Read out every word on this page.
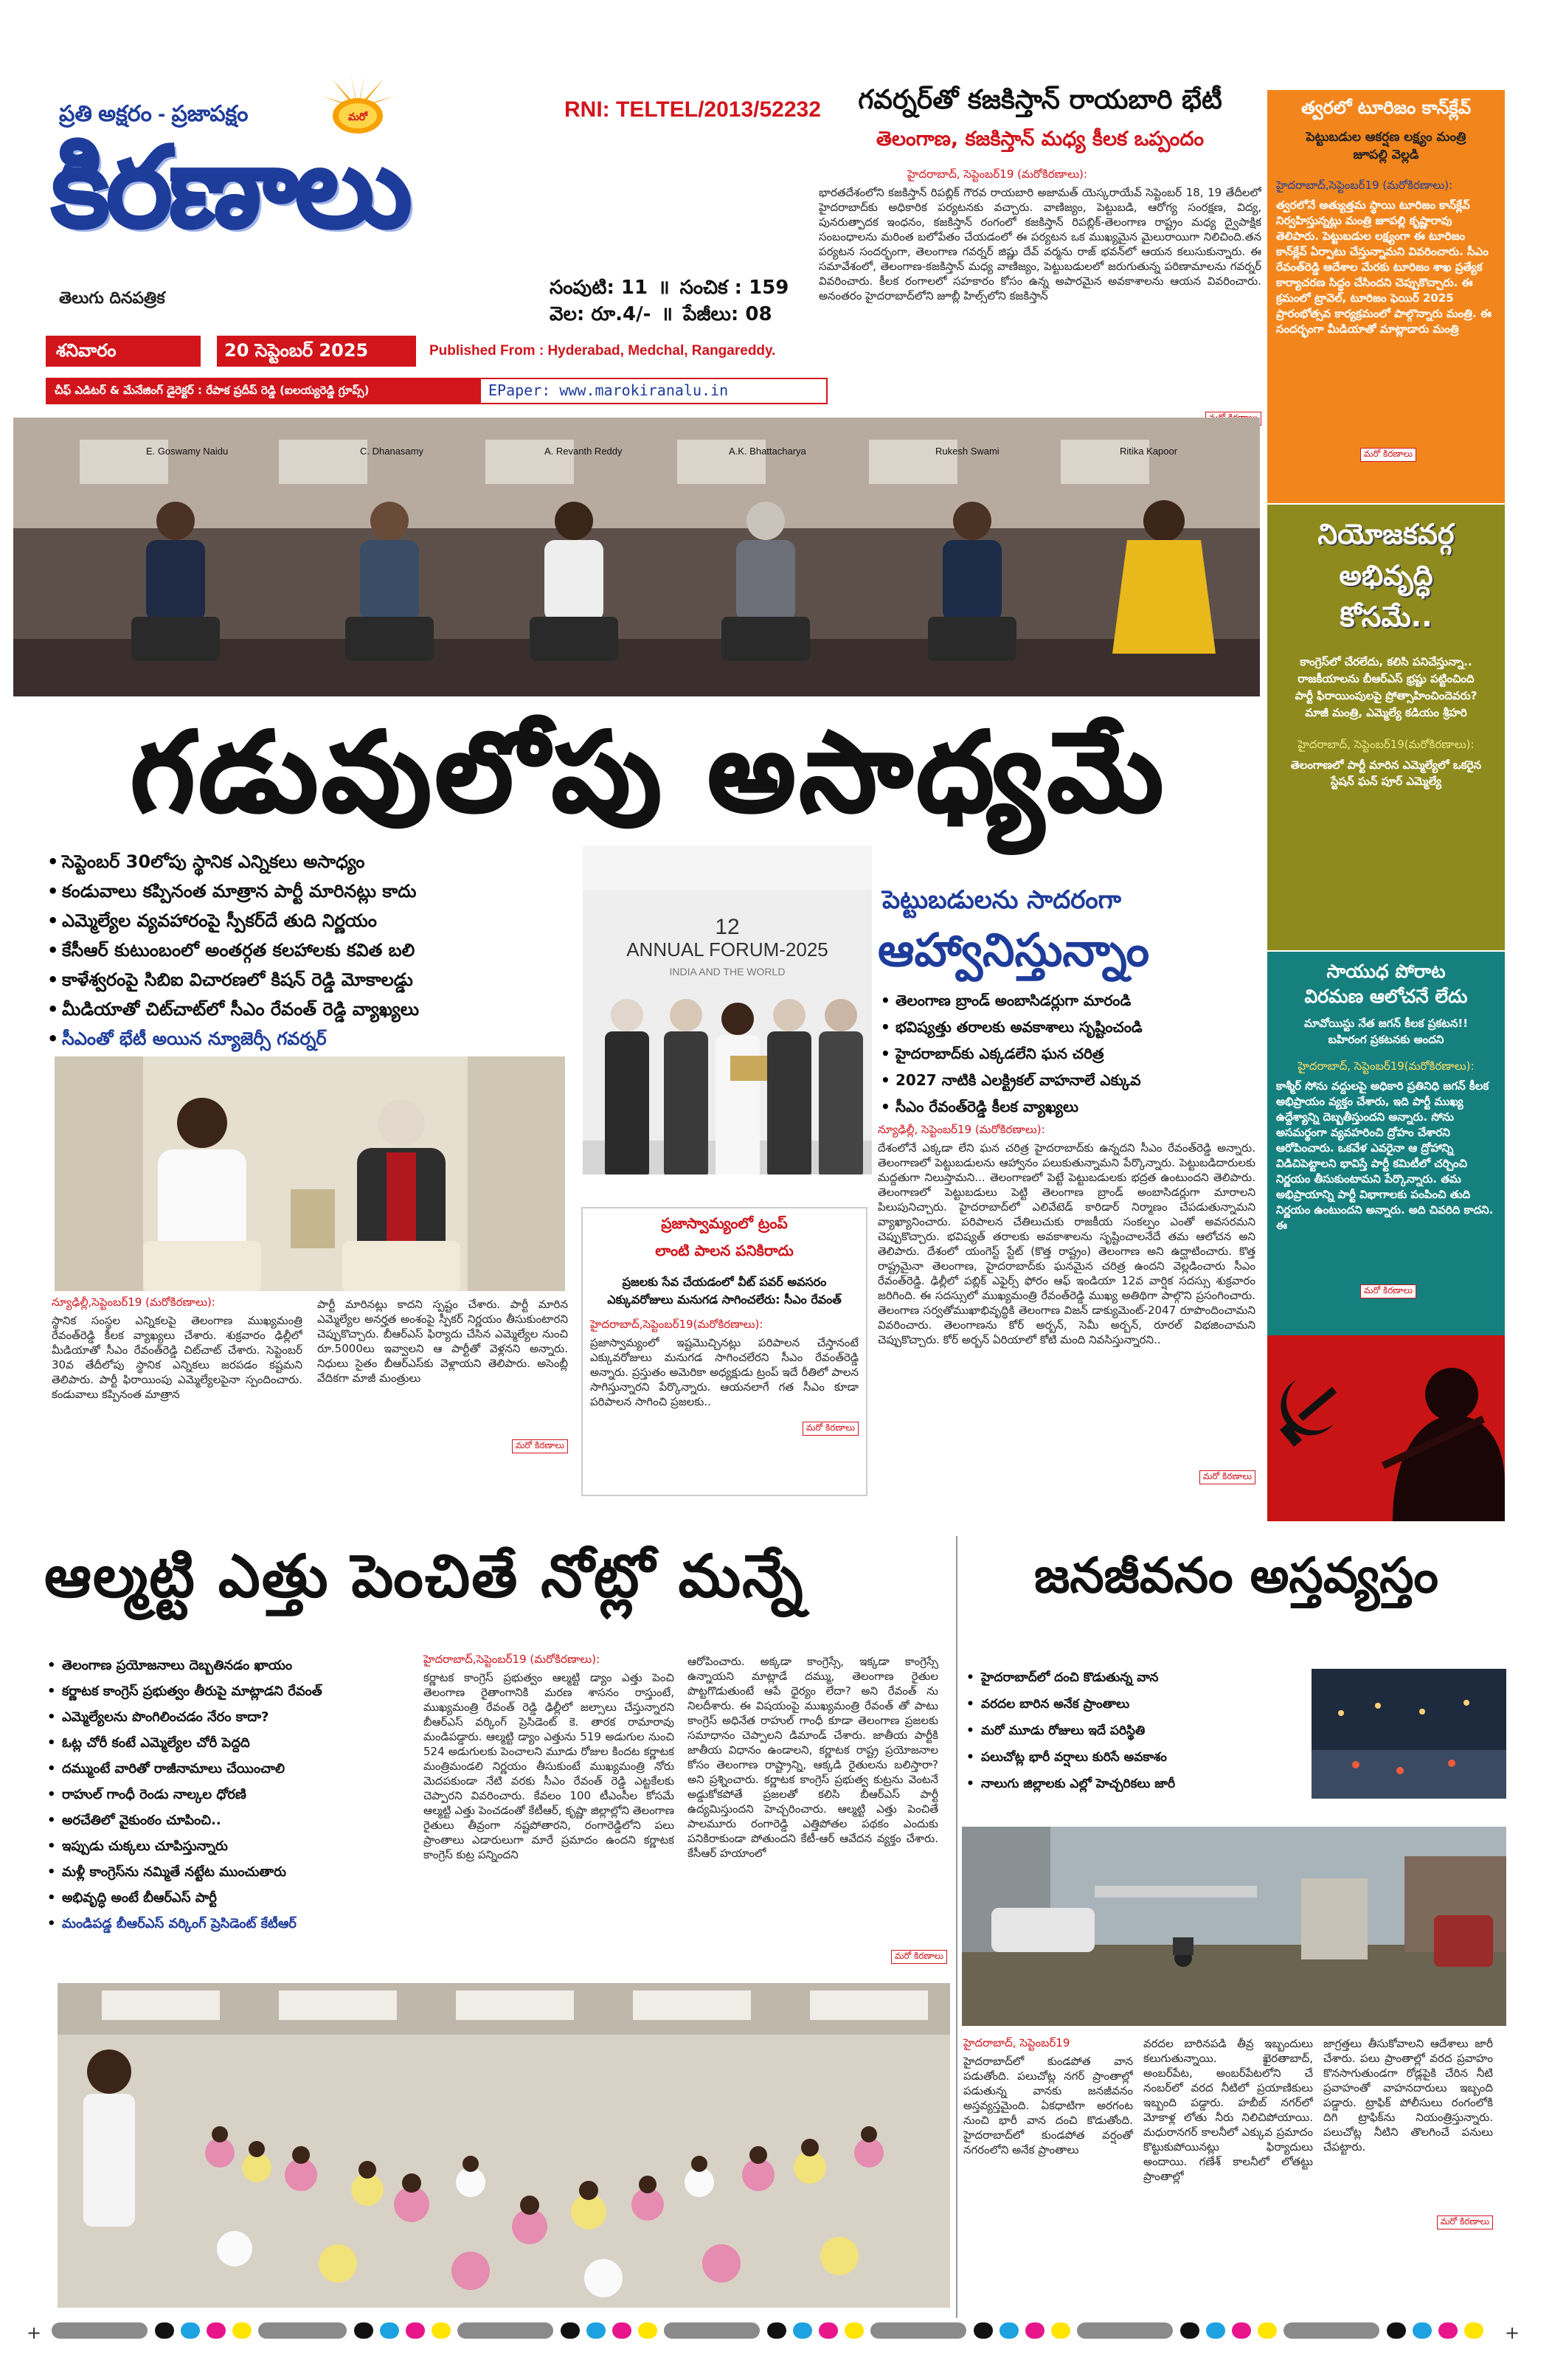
ప్రతి అక్షరం - ప్రజాపక్షం	మరో
కిరణాలు
తెలుగు దినపత్రిక
RNI: TELTEL/2013/52232
సంపుటి: 11 ॥ సంచిక : 159
వెల: రూ.4/- ॥ పేజీలు: 08
శనివారం	20 సెప్టెంబర్ 2025	Published From : Hyderabad, Medchal, Rangareddy.
చీఫ్ ఎడిటర్ & మేనేజింగ్ డైరెక్టర్ : రేపాక ప్రదీప్ రెడ్డి (ఐలయ్యరెడ్డి గ్రూప్స్)	EPaper: www.marokiranalu.in
గవర్నర్‌తో కజకిస్తాన్ రాయబారి భేటీ
తెలంగాణ, కజకిస్తాన్ మధ్య కీలక ఒప్పందం
హైదరాబాద్, సెప్టెంబర్19 (మరోకిరణాలు):
భారతదేశంలోని కజకిస్తాన్ రిపబ్లిక్ గౌరవ రాయబారి అజామత్ యెస్కరాయేవ్ సెప్టెంబర్ 18, 19 తేదీలలో హైదరాబాద్‌కు అధికారిక పర్యటనకు వచ్చారు. వాణిజ్యం, పెట్టుబడి, ఆరోగ్య సంరక్షణ, విద్య, పునరుత్పాదక ఇంధనం, కజకిస్తాన్ రంగంలో కజకిస్తాన్ రిపబ్లిక్-తెలంగాణ రాష్ట్రం మధ్య ద్వైపాక్షిక సంబంధాలను మరింత బలోపేతం చేయడంలో ఈ పర్యటన ఒక ముఖ్యమైన మైలురాయిగా నిలిచింది.తన పర్యటన సందర్భంగా, తెలంగాణ గవర్నర్ జిష్ణు దేవ్ వర్మను రాజ్ భవన్‌లో ఆయన కలుసుకున్నారు. ఈ సమావేశంలో, తెలంగాణ-కజకిస్తాన్ మధ్య వాణిజ్యం, పెట్టుబడులలో జరుగుతున్న పరిణామాలను గవర్నర్ వివరించారు. కీలక రంగాలలో సహకారం కోసం ఉన్న అపారమైన అవకాశాలను ఆయన వివరించారు. అనంతరం హైదరాబాద్‌లోని జూబ్లీ హిల్స్‌లోని కజకిస్తాన్
త్వరలో టూరిజం కాన్‌క్లేవ్
పెట్టుబడుల ఆకర్షణ లక్ష్యం మంత్రి జూపల్లి వెల్లడి
హైదరాబాద్,సెప్టెంబర్19 (మరోకిరణాలు):
త్వరలోనే అత్యుత్తమ స్థాయి టూరిజం కాన్‌క్లేవ్ నిర్వహిస్తున్నట్లు మంత్రి జూపల్లి కృష్ణారావు తెలిపారు. పెట్టుబడుల లక్ష్యంగా ఈ టూరిజం కాన్‌క్లేవ్ ఏర్పాటు చేస్తున్నామని వివరించారు. సీఎం రేవంత్‌రెడ్డి ఆదేశాల మేరకు టూరిజం శాఖ ప్రత్యేక కార్యాచరణ సిద్ధం చేసిందని చెప్పుకొచ్చారు. ఈ క్రమంలో ట్రావెల్, టూరిజం ఫెయిర్ 2025 ప్రారంభోత్సవ కార్యక్రమంలో పాల్గొన్నారు మంత్రి. ఈ సందర్భంగా మీడియాతో మాట్లాడారు మంత్రి
మరో కిరణాలు
నియోజకవర్గ అభివృద్ధి కోసమే..
కాంగ్రెస్‌లో చేరలేదు, కలిసి పనిచేస్తున్నా.. రాజకీయాలను బీఆర్ఎస్ భ్రష్టు పట్టించింది పార్టీ ఫిరాయింపులపై ప్రోత్సాహించిందెవరు? మాజీ మంత్రి, ఎమ్మెల్యే కడియం శ్రీహరి
హైదరాబాద్, సెప్టెంబర్19(మరోకిరణాలు):
తెలంగాణలో పార్టీ మారిన ఎమ్మెల్యేలో ఒకరైన స్టేషన్ ఘన్ పూర్ ఎమ్మెల్యే
సాయుధ పోరాట విరమణ ఆలోచనే లేదు
మావోయిస్టు నేత జగన్ కీలక ప్రకటన!! బహిరంగ ప్రకటనకు అందని
హైదరాబాద్, సెప్టెంబర్19(మరోకిరణాలు):
కాశ్మీర్ సోను వద్దులపై అధికారి ప్రతినిధి జగన్ కీలక అభిప్రాయం వ్యక్తం చేశారు, ఇది పార్టీ ముఖ్య ఉద్దేశ్యాన్ని దెబ్బతీస్తుందని అన్నారు. సోను అసమర్థంగా వ్యవహరించి ద్రోహం చేశారని ఆరోపించారు. ఒకవేళ ఎవరైనా ఆ ద్రోహాన్ని విడిచిపెట్టాలని భావిస్తే పార్టీ కమిటీలో చర్చించి నిర్ణయం తీసుకుంటామని పేర్కొన్నారు. తమ అభిప్రాయాన్ని పార్టీ విభాగాలకు పంపించి తుది నిర్ణయం ఉంటుందని అన్నారు. అది చివరిది కాదని. ఈ
మరో కిరణాలు
E. Goswamy Naidu	C. Dhanasamy	A. Revanth Reddy	A.K. Bhattacharya	Rukesh Swami	Ritika Kapoor
గడువులోపు అసాధ్యమే
• సెప్టెంబర్ 30లోపు స్థానిక ఎన్నికలు అసాధ్యం
• కండువాలు కప్పినంత మాత్రాన పార్టీ మారినట్లు కాదు
• ఎమ్మెల్యేల వ్యవహారంపై స్పీకర్‌దే తుది నిర్ణయం
• కేసీఆర్ కుటుంబంలో అంతర్గత కలహాలకు కవిత బలి
• కాళేశ్వరంపై సిబిఐ విచారణలో కిషన్ రెడ్డి మోకాలడ్డు
• మీడియాతో చిట్‌చాట్‌లో సీఎం రేవంత్ రెడ్డి వ్యాఖ్యలు
• సీఎంతో భేటీ అయిన న్యూజెర్సీ గవర్నర్
న్యూఢిల్లీ,సెప్టెంబర్19 (మరోకిరణాలు):
స్థానిక సంస్థల ఎన్నికలపై తెలంగాణ ముఖ్యమంత్రి రేవంత్‌రెడ్డి కీలక వ్యాఖ్యలు చేశారు. శుక్రవారం ఢిల్లీలో మీడియాతో సీఎం రేవంత్‌రెడ్డి చిట్‌చాట్ చేశారు. సెప్టెంబర్ 30వ తేదీలోపు స్థానిక ఎన్నికలు జరపడం కష్టమని తెలిపారు. పార్టీ ఫిరాయింపు ఎమ్మెల్యేలపైనా స్పందించారు. కండువాలు కప్పినంత మాత్రాన
పార్టీ మారినట్లు కాదని స్పష్టం చేశారు. పార్టీ మారిన ఎమ్మెల్యేల అనర్హత అంశంపై స్పీకర్ నిర్ణయం తీసుకుంటారని చెప్పుకొచ్చారు. బీఆర్ఎస్ ఫిర్యాదు చేసిన ఎమ్మెల్యేల నుంచి రూ.5000లు ఇవ్వాలని ఆ పార్టీతో వెళ్లనని అన్నారు. నిధులు సైతం బీఆర్ఎస్‌కు వెళ్లాయని తెలిపారు. అసెంబ్లీ వేదికగా మాజీ మంత్రులు
మరో కిరణాలు
12
ANNUAL FORUM-2025
INDIA AND THE WORLD
ప్రజాస్వామ్యంలో ట్రంప్
లాంటి పాలన పనికిరాదు
ప్రజలకు సేవ చేయడంలో వీట్ పవర్ అవసరం ఎక్కువరోజులు మనుగడ సాగించలేరు: సీఎం రేవంత్
హైదరాబాద్,సెప్టెంబర్19(మరోకిరణాలు):
ప్రజాస్వామ్యంలో ఇష్టమొచ్చినట్లు పరిపాలన చేస్తానంటే ఎక్కువరోజులు మనుగడ సాగించలేరని సీఎం రేవంత్‌రెడ్డి అన్నారు. ప్రస్తుతం అమెరికా అధ్యక్షుడు ట్రంప్ ఇదే రీతిలో పాలన సాగిస్తున్నారని పేర్కొన్నారు. ఆయనలాగే గత సీఎం కూడా పరిపాలన సాగించి ప్రజలకు..
మరో కిరణాలు
పెట్టుబడులను సాదరంగా
ఆహ్వానిస్తున్నాం
• తెలంగాణ బ్రాండ్ అంబాసిడర్లుగా మారండి
• భవిష్యత్తు తరాలకు అవకాశాలు సృష్టించండి
• హైదరాబాద్‌కు ఎక్కడలేని ఘన చరిత్ర
• 2027 నాటికి ఎలక్ట్రికల్ వాహనాలే ఎక్కువ
• సీఎం రేవంత్‌రెడ్డి కీలక వ్యాఖ్యలు
న్యూఢిల్లీ, సెప్టెంబర్19 (మరోకిరణాలు):
దేశంలోనే ఎక్కడా లేని ఘన చరిత్ర హైదరాబాద్‌కు ఉన్నదని సీఎం రేవంత్‌రెడ్డి అన్నారు. తెలంగాణలో పెట్టుబడులను ఆహ్వానం పలుకుతున్నామని పేర్కొన్నారు. పెట్టుబడిదారులకు మద్దతుగా నిలుస్తామని... తెలంగాణలో పెట్టే పెట్టుబడులకు భద్రత ఉంటుందని తెలిపారు. తెలంగాణలో పెట్టుబడులు పెట్టి తెలంగాణ బ్రాండ్ అంబాసిడర్లుగా మారాలని పిలుపునిచ్చారు. హైదరాబాద్‌లో ఎలివేటెడ్ కారిడార్ నిర్మాణం చేపడుతున్నామని వ్యాఖ్యానించారు. పరిపాలన చేతిలుచుకు రాజకీయ సంకల్పం ఎంతో అవసరమని చెప్పుకొచ్చారు. భవిష్యత్ తరాలకు అవకాశాలను సృష్టించాలనేదే తమ ఆలోచన అని తెలిపారు. దేశంలో యంగెస్ట్ స్టేట్ (కొత్త రాష్ట్రం) తెలంగాణ అని ఉద్ఘాటించారు. కొత్త రాష్ట్రమైనా తెలంగాణ, హైదరాబాద్‌కు ఘనమైన చరిత్ర ఉందని వెల్లడించారు సీఎం రేవంత్‌రెడ్డి. ఢిల్లీలో పబ్లిక్ ఎఫైర్స్ ఫోరం ఆఫ్ ఇండియా 12వ వార్షిక సదస్సు శుక్రవారం జరిగింది. ఈ సదస్సులో ముఖ్యమంత్రి రేవంత్‌రెడ్డి ముఖ్య అతిథిగా పాల్గొని ప్రసంగించారు. తెలంగాణ సర్వతోముఖాభివృద్ధికి తెలంగాణ విజన్ డాక్యుమెంట్-2047 రూపొందించామని వివరించారు. తెలంగాణను కోర్ అర్బన్, సెమీ అర్బన్, రూరల్ విభజించామని చెప్పుకొచ్చారు. కోర్ అర్బన్ ఏరియాలో కోటి మంది నివసిస్తున్నారని..
మరో కిరణాలు
ఆల్మట్టి ఎత్తు పెంచితే నోట్లో మన్నే
• తెలంగాణ ప్రయోజనాలు దెబ్బతినడం ఖాయం
• కర్ణాటక కాంగ్రెస్ ప్రభుత్వం తీరుపై మాట్లాడని రేవంత్
• ఎమ్మెల్యేలను పొంగిలించడం నేరం కాదా?
• ఓట్ల చోరీ కంటే ఎమ్మెల్యేల చోరీ పెద్దది
• దమ్ముంటే వారితో రాజీనామాలు చేయించాలి
• రాహుల్ గాంధీ రెండు నాల్కల ధోరణి
• అరచేతిలో వైకుంఠం చూపించి..
• ఇప్పుడు చుక్కలు చూపిస్తున్నారు
• మళ్లీ కాంగ్రెస్‌ను నమ్మితే నట్టేట ముంచుతారు
• అభివృద్ధి అంటే బీఆర్ఎస్ పార్టీ
• మండిపడ్డ బీఆర్ఎస్ వర్కింగ్ ప్రెసిడెంట్ కేటీఆర్
హైదరాబాద్,సెప్టెంబర్19 (మరోకిరణాలు):
కర్ణాటక కాంగ్రెస్ ప్రభుత్వం ఆల్మట్టి డ్యాం ఎత్తు పెంచి తెలంగాణ రైతాంగానికి మరణ శాసనం రాస్తుంటే, ముఖ్యమంత్రి రేవంత్ రెడ్డి ఢిల్లీలో జల్సాలు చేస్తున్నారని బీఆర్ఎస్ వర్కింగ్ ప్రెసిడెంట్ కె. తారక రామారావు మండిపడ్డారు. ఆల్మట్టి డ్యాం ఎత్తును 519 అడుగుల నుంచి 524 అడుగులకు పెంచాలని మూడు రోజుల కిందట కర్ణాటక మంత్రిమండలి నిర్ణయం తీసుకుంటే ముఖ్యమంత్రి నోరు మెదపకుండా నేటి వరకు సీఎం రేవంత్ రెడ్డి ఎట్టకేలకు చెప్పారని వివరించారు. కేవలం 100 టీఎంసీల కోసమే ఆల్మట్టి ఎత్తు పెంచడంతో కేటీఆర్, కృష్ణా జిల్లాల్లోని తెలంగాణ రైతులు తీవ్రంగా నష్టపోతారని, రంగారెడ్డిలోని పలు ప్రాంతాలు ఎడారులుగా మారే ప్రమాదం ఉందని కర్ణాటక కాంగ్రెస్ కుట్ర పన్నిందని
ఆరోపించారు. అక్కడా కాంగ్రెస్సే, ఇక్కడా కాంగ్రెస్సే ఉన్నాయని మాట్లాడే దమ్ము, తెలంగాణ రైతుల పొట్టగొడుతుంటే ఆపే ధైర్యం లేదా? అని రేవంత్ ను నిలదీశారు. ఈ విషయంపై ముఖ్యమంత్రి రేవంత్ తో పాటు కాంగ్రెస్ అధినేత రాహుల్ గాంధీ కూడా తెలంగాణ ప్రజలకు సమాధానం చెప్పాలని డిమాండ్ చేశారు. జాతీయ పార్టీకి జాతీయ విధానం ఉండాలని, కర్ణాటక రాష్ట్ర ప్రయోజనాల కోసం తెలంగాణ రాష్ట్రాన్ని, ఆక్కడి రైతులను బలిస్తారా? అని ప్రశ్నించారు. కర్ణాటక కాంగ్రెస్ ప్రభుత్వ కుట్రను వెంటనే అడ్డుకోకపోతే ప్రజలతో కలిసి బీఆర్ఎస్ పార్టీ ఉద్యమిస్తుందని హెచ్చరించారు. ఆల్మట్టి ఎత్తు పెంచితే పాలమూరు రంగారెడ్డి ఎత్తిపోతల పథకం ఎందుకు పనికిరాకుండా పోతుందని కేటీ-ఆర్ ఆవేదన వ్యక్తం చేశారు. కేసీఆర్ హయాంలో
మరో కిరణాలు
జనజీవనం అస్తవ్యస్తం
• హైదరాబాద్‌లో దంచి కొడుతున్న వాన
• వరదల బారిన అనేక ప్రాంతాలు
• మరో మూడు రోజులు ఇదే పరిస్థితి
• పలుచోట్ల భారీ వర్షాలు కురిసే అవకాశం
• నాలుగు జిల్లాలకు ఎల్లో హెచ్చరికలు జారీ
హైదరాబాద్, సెప్టెంబర్19
హైదరాబాద్‌లో కుండపోత వాన పడుతోంది. పలుచోట్ల నగర్ ప్రాంతాల్లో పడుతున్న వానకు జనజీవనం అస్తవ్యస్తమైంది. ఏకధాటిగా అరగంట నుంచి భారీ వాన దంచి కొడుతోంది. హైదరాబాద్‌లో కుండపోత వర్షంతో నగరంలోని అనేక ప్రాంతాలు
వరదల బారినపడి తీవ్ర ఇబ్బందులు కలుగుతున్నాయి. ఖైరతాబాద్, అంబర్‌పేట, అంబర్‌పేటలోని చే నంబర్‌లో వరద నీటిలో ప్రయాణికులు ఇబ్బంది పడ్డారు. హబీబ్ నగర్‌లో మోకాళ్ల లోతు నీరు నిలిచిపోయాయి. మధురానగర్ కాలనీలో ఎక్కువ ప్రమాదం కొట్టుకుపోయినట్లు ఫిర్యాదులు అందాయి. గణేశ్ కాలనీలో లోతట్టు ప్రాంతాల్లో
జాగ్రత్తలు తీసుకోవాలని ఆదేశాలు జారీ చేశారు. పలు ప్రాంతాల్లో వరద ప్రవాహం కొనసాగుతుండగా రోడ్లపైకి చేరిన నీటి ప్రవాహంతో వాహనదారులు ఇబ్బంది పడ్డారు. ట్రాఫిక్ పోలీసులు రంగంలోకి దిగి ట్రాఫిక్‌ను నియంత్రిస్తున్నారు. పలుచోట్ల నీటిని తొలగించే పనులు చేపట్టారు.
మరో కిరణాలు
+	+
